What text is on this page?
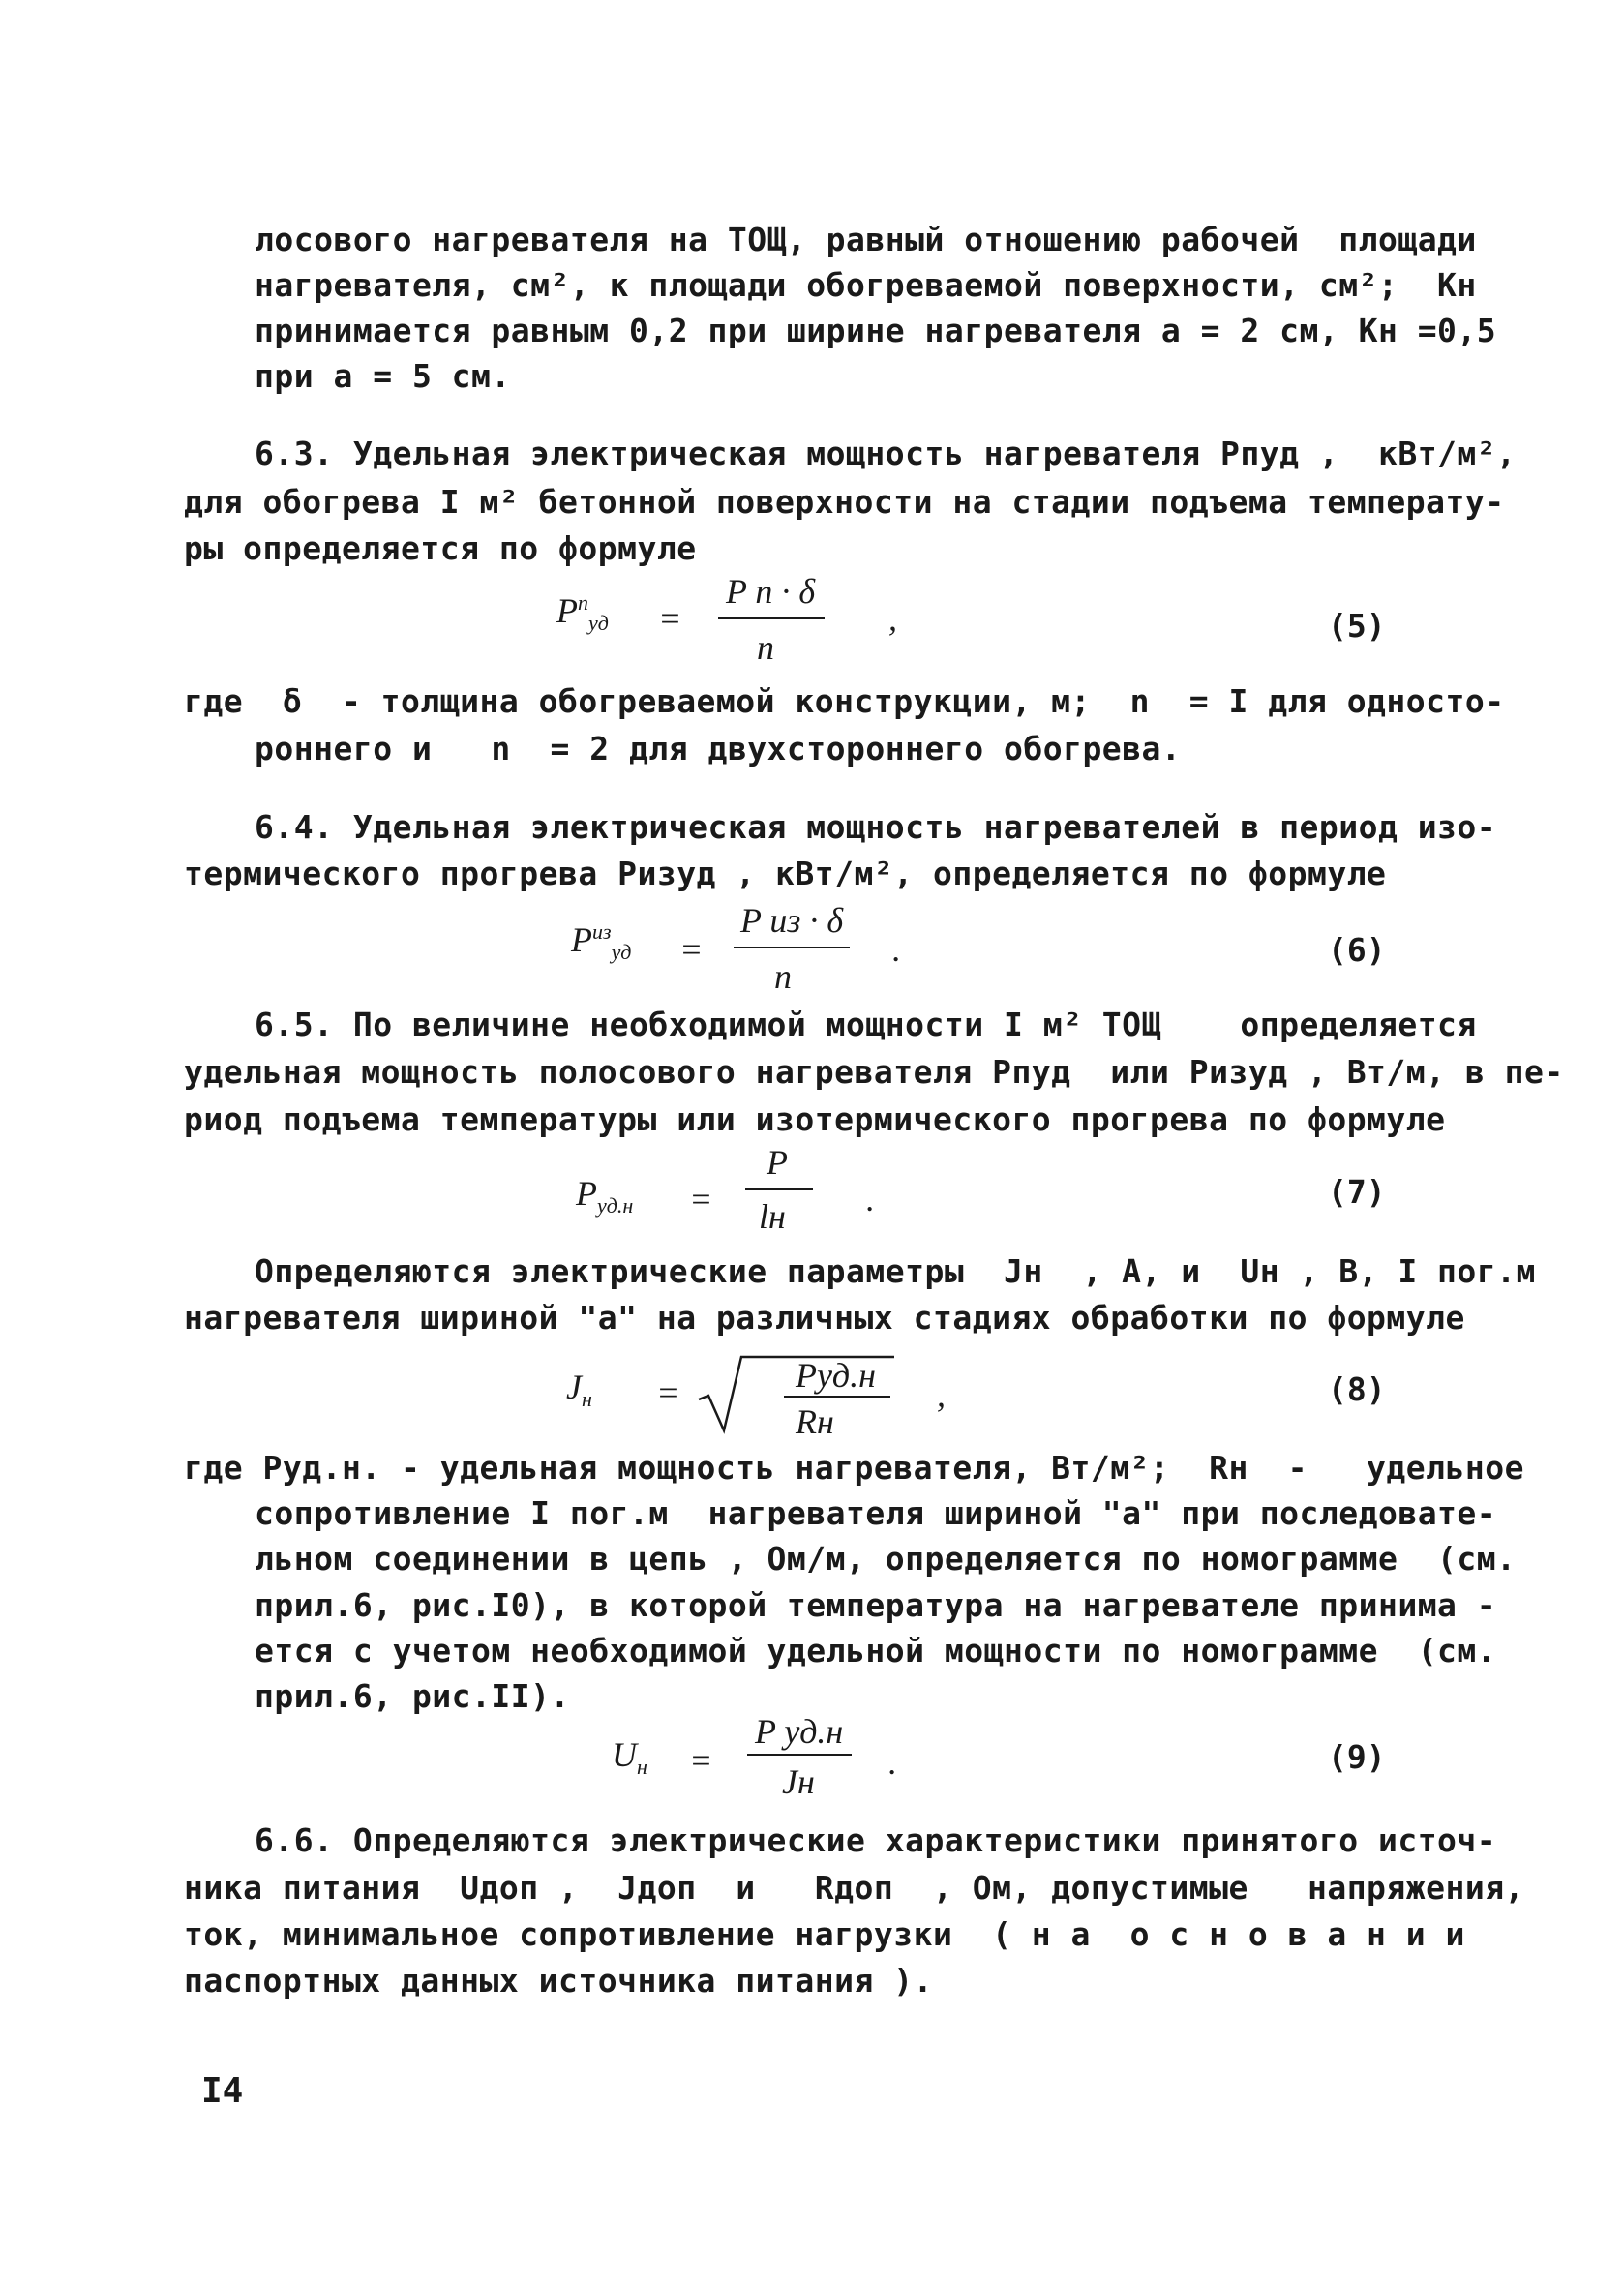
лосового нагревателя на ТОЩ, равный отношению рабочей  площади
нагревателя, см², к площади обогреваемой поверхности, см²;  Кн
принимается равным 0,2 при ширине нагревателя а = 2 см, Кн =0,5
при а = 5 см.
6.3. Удельная электрическая мощность нагревателя Рпуд ,  кВт/м²,
для обогрева I м² бетонной поверхности на стадии подъема температу-
ры определяется по формуле
$P^п_{уд}$ =
P п · δ
n
,	(5)
где  δ  - толщина обогреваемой конструкции, м;  n  = I для односто-
роннего и   n  = 2 для двухстороннего обогрева.
6.4. Удельная электрическая мощность нагревателей в период изо-
термического прогрева Ризуд , кВт/м², определяется по формуле
$P^{из}_{уд}$ =
P из · δ
n
.	(6)
6.5. По величине необходимой мощности I м² ТОЩ    определяется
удельная мощность полосового нагревателя Рпуд  или Ризуд , Вт/м, в пе-
риод подъема температуры или изотермического прогрева по формуле
$P_{уд.н}$ =
P
lн .	(7)
Определяются электрические параметры  Jн  , А, и  Uн , В, I пог.м
нагревателя шириной "а" на различных стадиях обработки по формуле
$J_н$ =	Pуд.н
Rн
,	(8)
где Руд.н. - удельная мощность нагревателя, Вт/м²;  Rн  -   удельное
сопротивление I пог.м  нагревателя шириной "а" при последовате-
льном соединении в цепь , Ом/м, определяется по номограмме  (см.
прил.6, рис.I0), в которой температура на нагревателе принима -
ется с учетом необходимой удельной мощности по номограмме  (см.
прил.6, рис.II).
$U_н$ =
P уд.н
Jн .	(9)
6.6. Определяются электрические характеристики принятого источ-
ника питания  Uдоп ,  Jдоп  и   Rдоп  , Ом, допустимые   напряжения,
ток, минимальное сопротивление нагрузки  ( н а  о с н о в а н и и
паспортных данных источника питания ).
I4
